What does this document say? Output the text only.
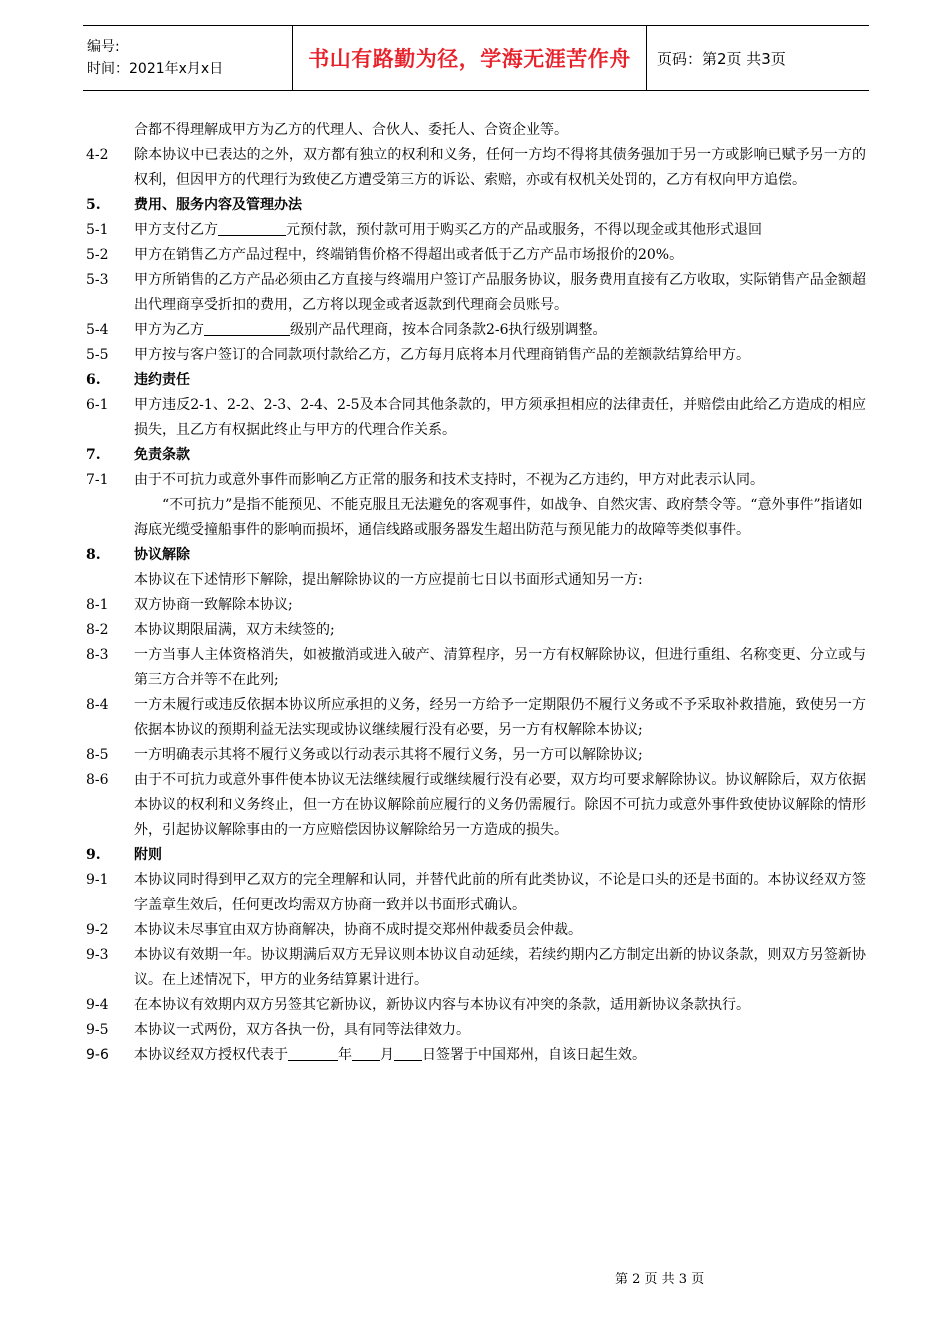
编号:
时间：2021年x月x日	书山有路勤为径，学海无涯苦作舟	页码：第2页 共3页
合都不得理解成甲方为乙方的代理人、合伙人、委托人、合资企业等。
4-2	除本协议中已表达的之外，双方都有独立的权利和义务，任何一方均不得将其债务强加于另一方或影响已赋予另一方的权利，但因甲方的代理行为致使乙方遭受第三方的诉讼、索赔，亦或有权机关处罚的，乙方有权向甲方追偿。
5.	费用、服务内容及管理办法
5-1	甲方支付乙方	元预付款，预付款可用于购买乙方的产品或服务，不得以现金或其他形式退回
5-2	甲方在销售乙方产品过程中，终端销售价格不得超出或者低于乙方产品市场报价的20%。
5-3	甲方所销售的乙方产品必须由乙方直接与终端用户签订产品服务协议，服务费用直接有乙方收取，实际销售产品金额超出代理商享受折扣的费用，乙方将以现金或者返款到代理商会员账号。
5-4	甲方为乙方	级别产品代理商，按本合同条款2-6执行级别调整。
5-5	甲方按与客户签订的合同款项付款给乙方，乙方每月底将本月代理商销售产品的差额款结算给甲方。
6.	违约责任
6-1	甲方违反2-1、2-2、2-3、2-4、2-5及本合同其他条款的，甲方须承担相应的法律责任，并赔偿由此给乙方造成的相应损失，且乙方有权据此终止与甲方的代理合作关系。
7.	免责条款
7-1	由于不可抗力或意外事件而影响乙方正常的服务和技术支持时，不视为乙方违约，甲方对此表示认同。
“不可抗力”是指不能预见、不能克服且无法避免的客观事件，如战争、自然灾害、政府禁令等。“意外事件”指诸如海底光缆受撞船事件的影响而损坏，通信线路或服务器发生超出防范与预见能力的故障等类似事件。
8.	协议解除
本协议在下述情形下解除，提出解除协议的一方应提前七日以书面形式通知另一方:
8-1	双方协商一致解除本协议;
8-2	本协议期限届满，双方未续签的;
8-3	一方当事人主体资格消失，如被撤消或进入破产、清算程序，另一方有权解除协议，但进行重组、名称变更、分立或与第三方合并等不在此列;
8-4	一方未履行或违反依据本协议所应承担的义务，经另一方给予一定期限仍不履行义务或不予采取补救措施，致使另一方依据本协议的预期利益无法实现或协议继续履行没有必要，另一方有权解除本协议;
8-5	一方明确表示其将不履行义务或以行动表示其将不履行义务，另一方可以解除协议;
8-6	由于不可抗力或意外事件使本协议无法继续履行或继续履行没有必要，双方均可要求解除协议。协议解除后，双方依据本协议的权利和义务终止，但一方在协议解除前应履行的义务仍需履行。除因不可抗力或意外事件致使协议解除的情形外，引起协议解除事由的一方应赔偿因协议解除给另一方造成的损失。
9.	附则
9-1	本协议同时得到甲乙双方的完全理解和认同，并替代此前的所有此类协议，不论是口头的还是书面的。本协议经双方签字盖章生效后，任何更改均需双方协商一致并以书面形式确认。
9-2	本协议未尽事宜由双方协商解决，协商不成时提交郑州仲裁委员会仲裁。
9-3	本协议有效期一年。协议期满后双方无异议则本协议自动延续，若续约期内乙方制定出新的协议条款，则双方另签新协议。在上述情况下，甲方的业务结算累计进行。
9-4	在本协议有效期内双方另签其它新协议，新协议内容与本协议有冲突的条款，适用新协议条款执行。
9-5	本协议一式两份，双方各执一份，具有同等法律效力。
9-6	本协议经双方授权代表于	年 月 日签署于中国郑州，自该日起生效。
第 2 页 共 3 页
